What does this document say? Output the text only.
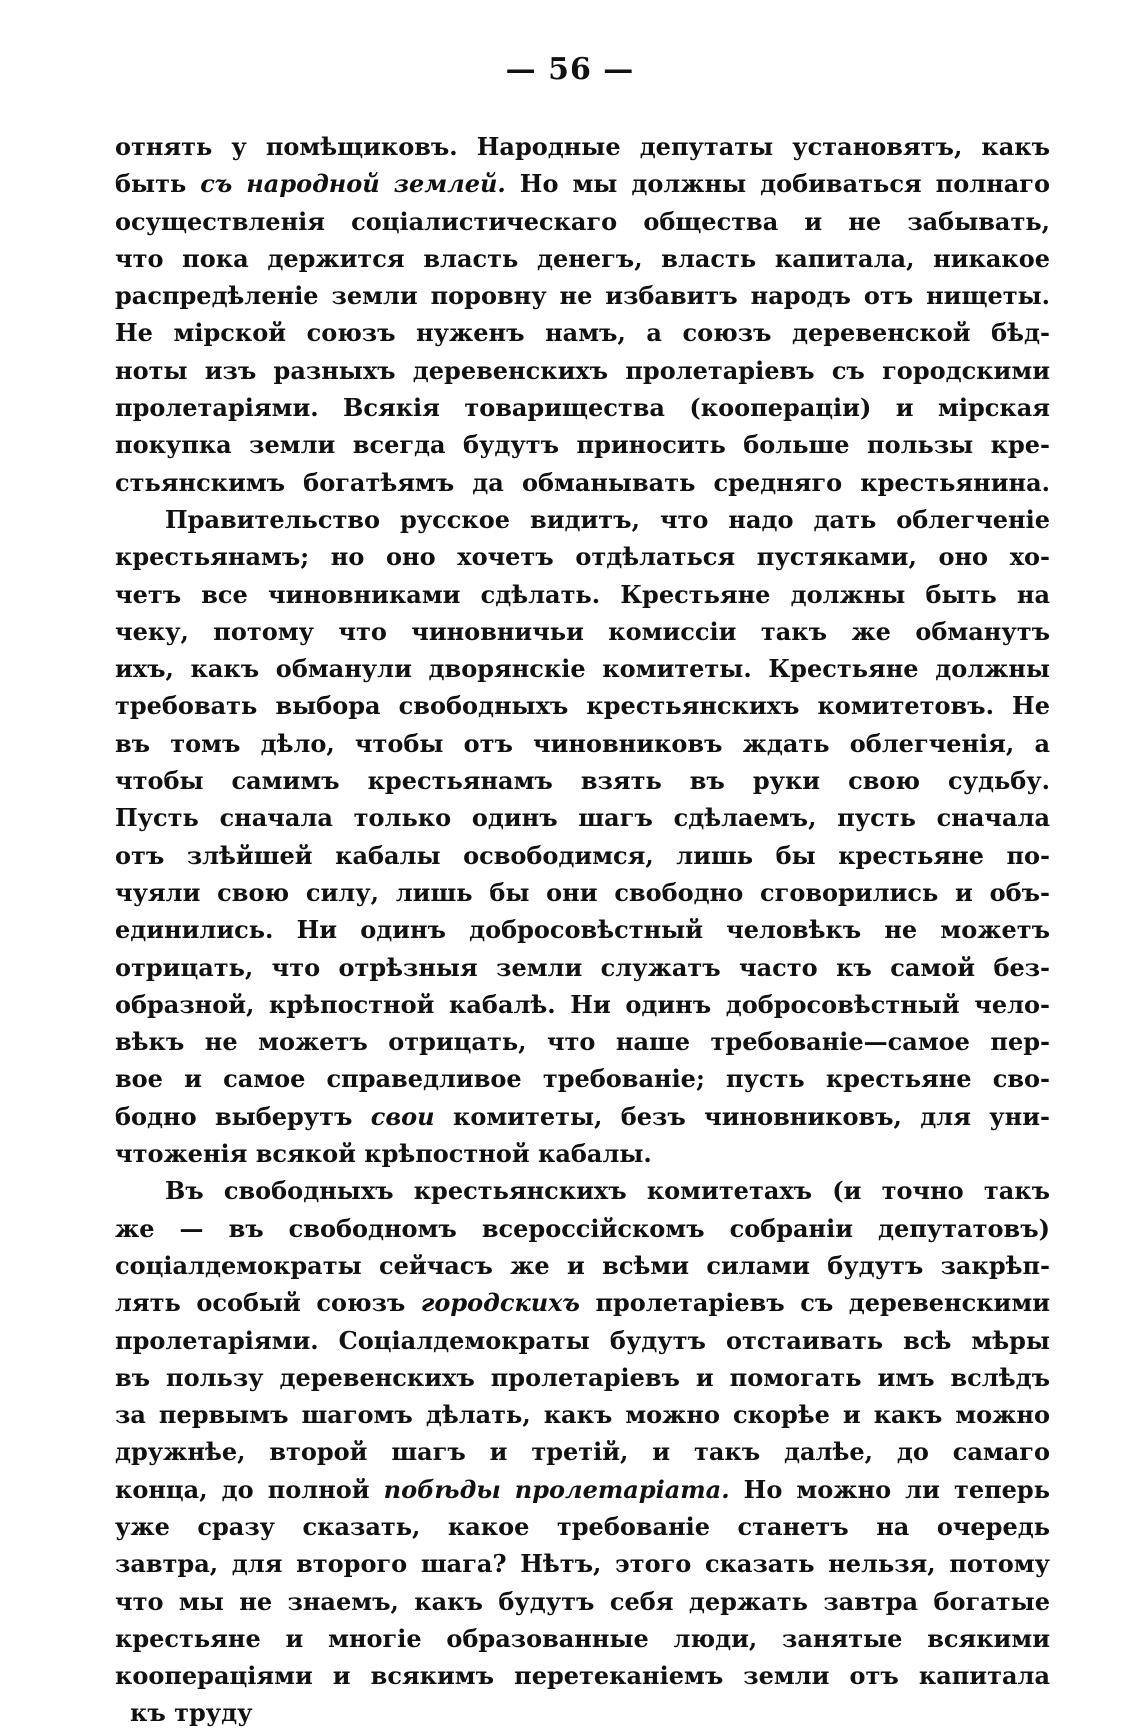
— 56 —
отнять у помѣщиковъ. Народные депутаты установятъ, какъ
быть съ народной землей. Но мы должны добиваться полнаго
осуществленія соціалистическаго общества и не забывать,
что пока держится власть денегъ, власть капитала, никакое
распредѣленіе земли поровну не избавитъ народъ отъ нищеты.
Не мірской союзъ нуженъ намъ, а союзъ деревенской бѣд-
ноты изъ разныхъ деревенскихъ пролетаріевъ съ городскими
пролетаріями. Всякія товарищества (коопераціи) и мірская
покупка земли всегда будутъ приносить больше пользы кре-
стьянскимъ богатѣямъ да обманывать средняго крестьянина.
Правительство русское видитъ, что надо дать облегченіе
крестьянамъ; но оно хочетъ отдѣлаться пустяками, оно хо-
четъ все чиновниками сдѣлать. Крестьяне должны быть на
чеку, потому что чиновничьи комиссіи такъ же обманутъ
ихъ, какъ обманули дворянскіе комитеты. Крестьяне должны
требовать выбора свободныхъ крестьянскихъ комитетовъ. Не
въ томъ дѣло, чтобы отъ чиновниковъ ждать облегченія, а
чтобы самимъ крестьянамъ взять въ руки свою судьбу.
Пусть сначала только одинъ шагъ сдѣлаемъ, пусть сначала
отъ злѣйшей кабалы освободимся, лишь бы крестьяне по-
чуяли свою силу, лишь бы они свободно сговорились и объ-
единились. Ни одинъ добросовѣстный человѣкъ не можетъ
отрицать, что отрѣзныя земли служатъ часто къ самой без-
образной, крѣпостной кабалѣ. Ни одинъ добросовѣстный чело-
вѣкъ не можетъ отрицать, что наше требованіе—самое пер-
вое и самое справедливое требованіе; пусть крестьяне сво-
бодно выберутъ свои комитеты, безъ чиновниковъ, для уни-
чтоженія всякой крѣпостной кабалы.
Въ свободныхъ крестьянскихъ комитетахъ (и точно такъ
же — въ свободномъ всероссійскомъ собраніи депутатовъ)
соціалдемократы сейчасъ же и всѣми силами будутъ закрѣп-
лять особый союзъ городскихъ пролетаріевъ съ деревенскими
пролетаріями. Соціалдемократы будутъ отстаивать всѣ мѣры
въ пользу деревенскихъ пролетаріевъ и помогать имъ вслѣдъ
за первымъ шагомъ дѣлать, какъ можно скорѣе и какъ можно
дружнѣе, второй шагъ и третій, и такъ далѣе, до самаго
конца, до полной побѣды пролетаріата. Но можно ли теперь
уже сразу сказать, какое требованіе станетъ на очередь
завтра, для второго шага? Нѣтъ, этого сказать нельзя, потому
что мы не знаемъ, какъ будутъ себя держать завтра богатые
крестьяне и многіе образованные люди, занятые всякими
коопераціями и всякимъ перетеканіемъ земли отъ капитала
къ труду
